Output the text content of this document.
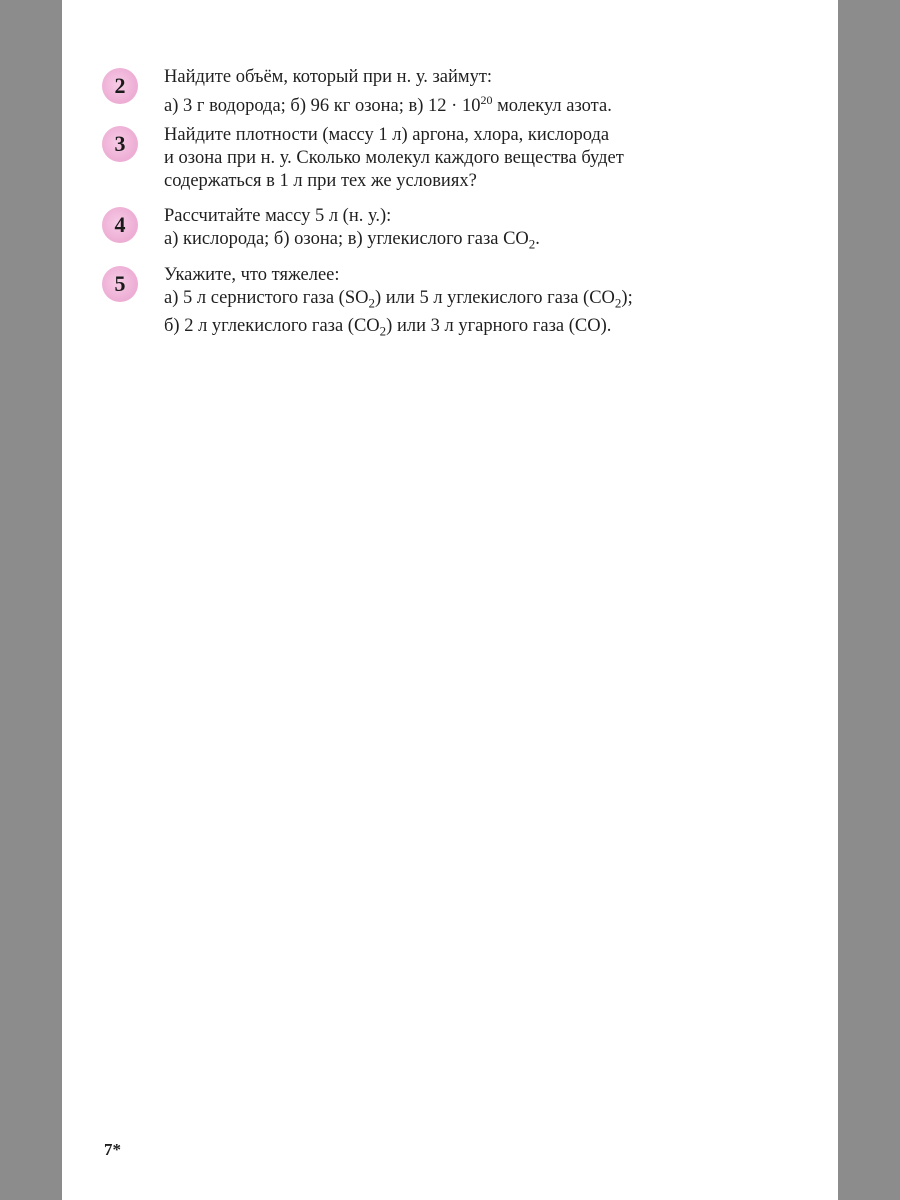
2 Найдите объём, который при н. у. займут:
а) 3 г водорода; б) 96 кг озона; в) $12 \cdot 10^{20}$ молекул азота.
3 Найдите плотности (массу 1 л) аргона, хлора, кислорода
и озона при н. у. Сколько молекул каждого вещества будет
содержаться в 1 л при тех же условиях?
4 Рассчитайте массу 5 л (н. у.):
а) кислорода; б) озона; в) углекислого газа $CO_2$.
5 Укажите, что тяжелее:
а) 5 л сернистого газа $(SO_2)$ или 5 л углекислого газа $(CO_2)$;
б) 2 л углекислого газа $(CO_2)$ или 3 л угарного газа (CO).
7*
